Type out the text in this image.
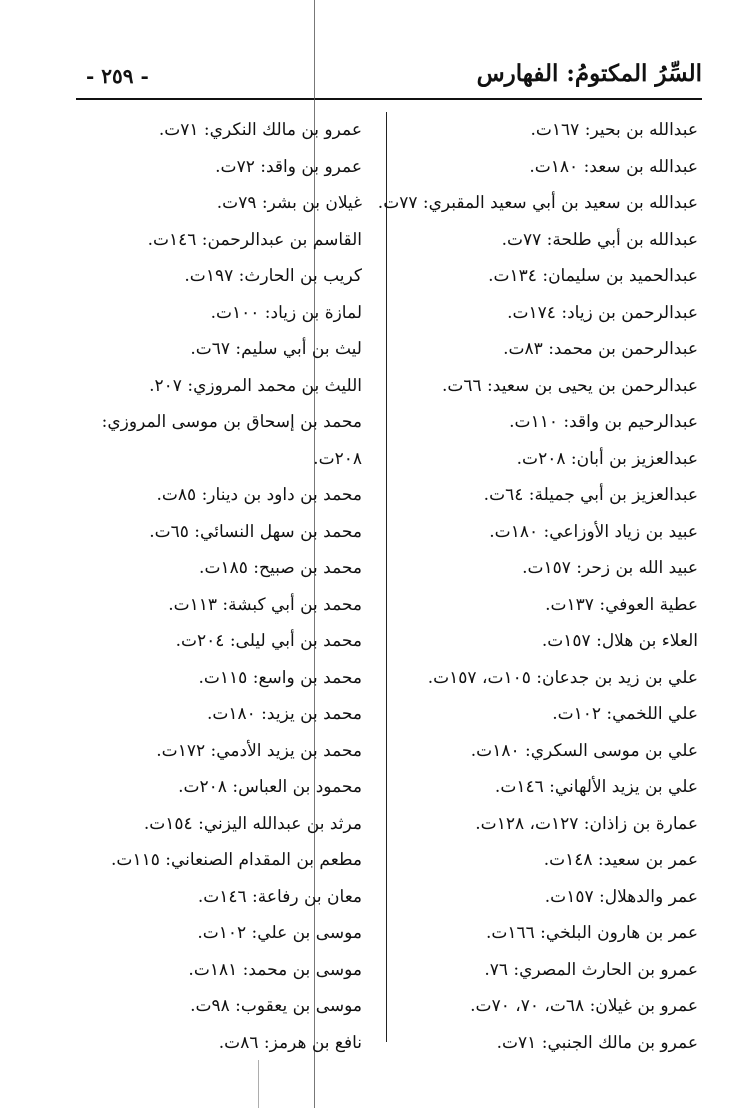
السِّرُ المكتومُ: الفهارس
- ٢٥٩ -
عبدالله بن بحير: ١٦٧ت.
عبدالله بن سعد: ١٨٠ت.
عبدالله بن سعيد بن أبي سعيد المقبري: ٧٧ت.
عبدالله بن أبي طلحة: ٧٧ت.
عبدالحميد بن سليمان: ١٣٤ت.
عبدالرحمن بن زياد: ١٧٤ت.
عبدالرحمن بن محمد: ٨٣ت.
عبدالرحمن بن يحيى بن سعيد: ٦٦ت.
عبدالرحيم بن واقد: ١١٠ت.
عبدالعزيز بن أبان: ٢٠٨ت.
عبدالعزيز بن أبي جميلة: ٦٤ت.
عبيد بن زياد الأوزاعي: ١٨٠ت.
عبيد الله بن زحر: ١٥٧ت.
عطية العوفي: ١٣٧ت.
العلاء بن هلال: ١٥٧ت.
علي بن زيد بن جدعان: ١٠٥ت، ١٥٧ت.
علي اللخمي: ١٠٢ت.
علي بن موسى السكري: ١٨٠ت.
علي بن يزيد الألهاني: ١٤٦ت.
عمارة بن زاذان: ١٢٧ت، ١٢٨ت.
عمر بن سعيد: ١٤٨ت.
عمر والدهلال: ١٥٧ت.
عمر بن هارون البلخي: ١٦٦ت.
عمرو بن الحارث المصري: ٧٦.
عمرو بن غيلان: ٦٨ت، ٧٠، ٧٠ت.
عمرو بن مالك الجنبي: ٧١ت.
عمرو بن مالك النكري: ٧١ت.
عمرو بن واقد: ٧٢ت.
غيلان بن بشر: ٧٩ت.
القاسم بن عبدالرحمن: ١٤٦ت.
كريب بن الحارث: ١٩٧ت.
لمازة بن زياد: ١٠٠ت.
ليث بن أبي سليم: ٦٧ت.
الليث بن محمد المروزي: ٢٠٧.
محمد بن إسحاق بن موسى المروزي:
٢٠٨ت.
محمد بن داود بن دينار: ٨٥ت.
محمد بن سهل النسائي: ٦٥ت.
محمد بن صبيح: ١٨٥ت.
محمد بن أبي كبشة: ١١٣ت.
محمد بن أبي ليلى: ٢٠٤ت.
محمد بن واسع: ١١٥ت.
محمد بن يزيد: ١٨٠ت.
محمد بن يزيد الأدمي: ١٧٢ت.
محمود بن العباس: ٢٠٨ت.
مرثد بن عبدالله اليزني: ١٥٤ت.
مطعم بن المقدام الصنعاني: ١١٥ت.
معان بن رفاعة: ١٤٦ت.
موسى بن علي: ١٠٢ت.
موسى بن محمد: ١٨١ت.
موسى بن يعقوب: ٩٨ت.
نافع بن هرمز: ٨٦ت.
